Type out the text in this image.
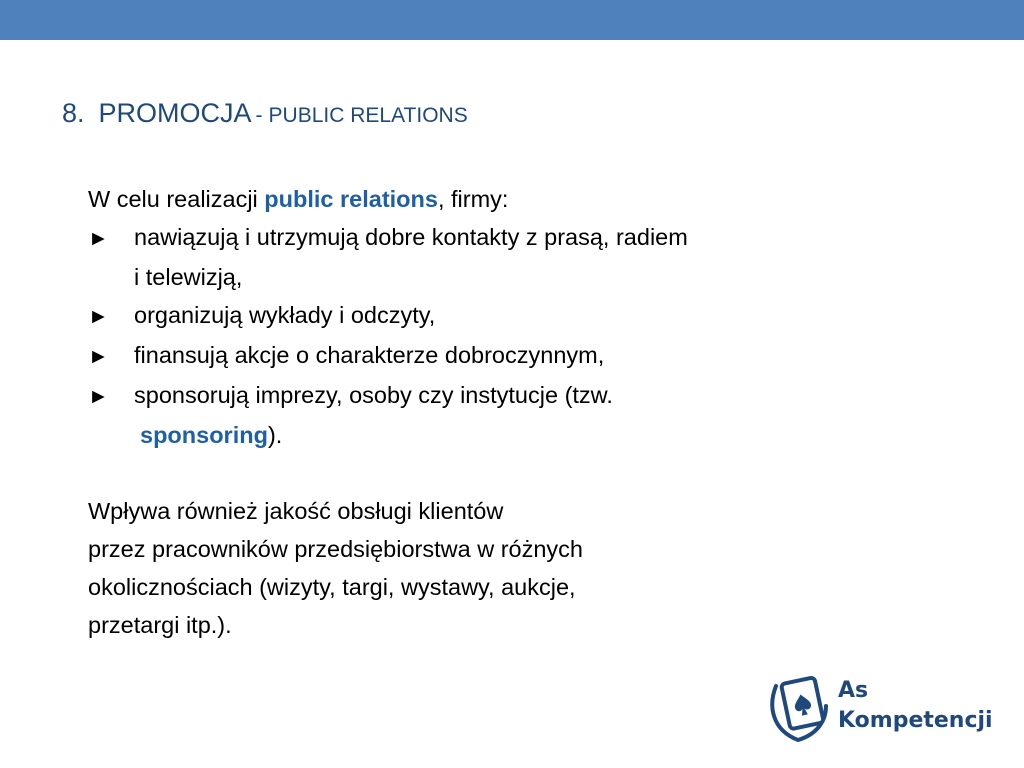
8. PROMOCJA - PUBLIC RELATIONS
W celu realizacji public relations, firmy:
► nawiązują i utrzymują dobre kontakty z prasą, radiem
i telewizją,
► organizują wykłady i odczyty,
► finansują akcje o charakterze dobroczynnym,
► sponsorują imprezy, osoby czy instytucje (tzw.
sponsoring).
Wpływa również jakość obsługi klientów
przez pracowników przedsiębiorstwa w różnych
okolicznościach (wizyty, targi, wystawy, aukcje,
przetargi itp.).
As
Kompetencji
